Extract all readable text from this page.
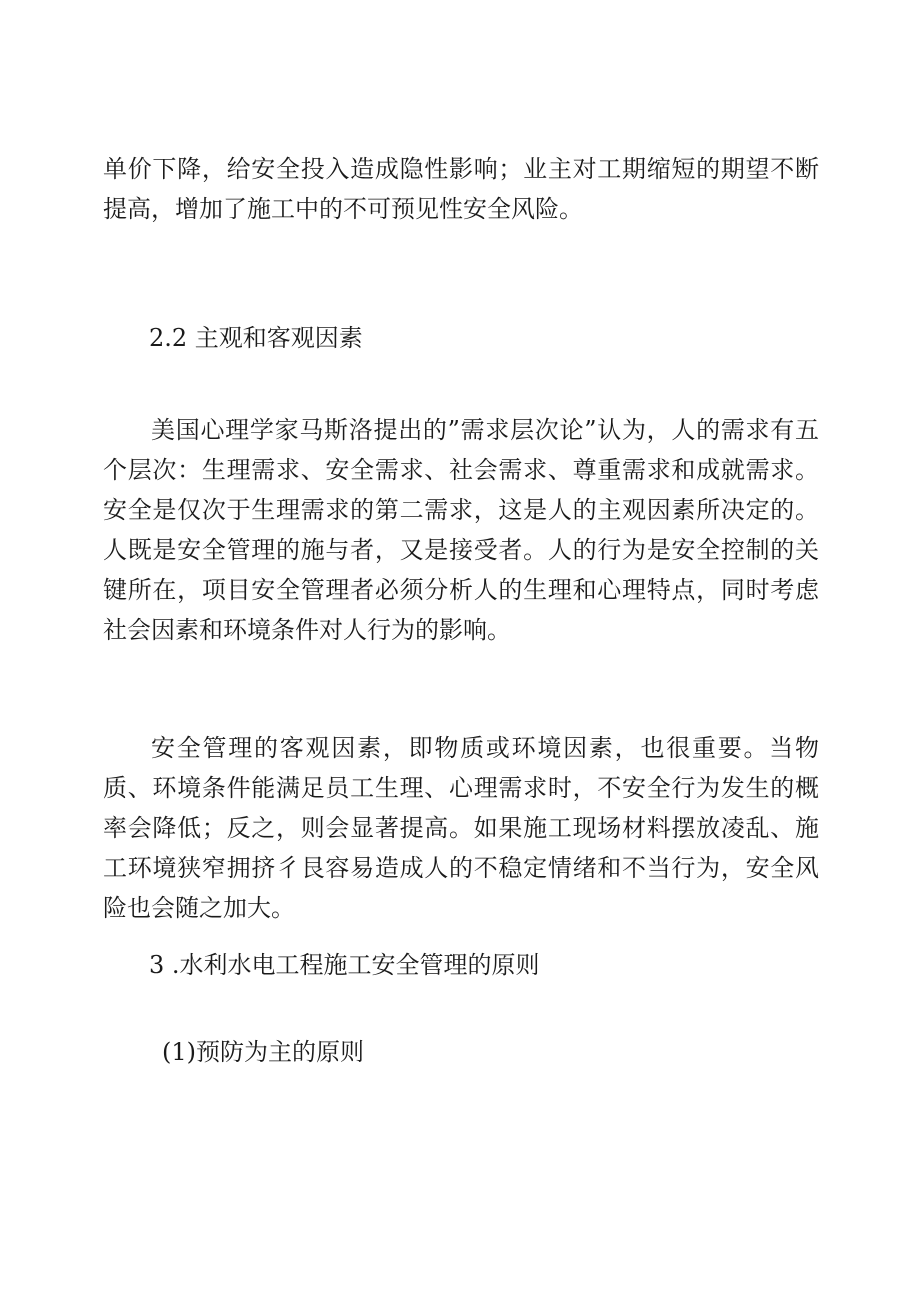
单价下降，给安全投入造成隐性影响；业主对工期缩短的期望不断提高，增加了施工中的不可预见性安全风险。

2.2 主观和客观因素

美国心理学家马斯洛提出的”需求层次论”认为，人的需求有五个层次：生理需求、安全需求、社会需求、尊重需求和成就需求。安全是仅次于生理需求的第二需求，这是人的主观因素所决定的。人既是安全管理的施与者，又是接受者。人的行为是安全控制的关键所在，项目安全管理者必须分析人的生理和心理特点，同时考虑社会因素和环境条件对人行为的影响。

安全管理的客观因素，即物质或环境因素，也很重要。当物质、环境条件能满足员工生理、心理需求时，不安全行为发生的概率会降低；反之，则会显著提高。如果施工现场材料摆放凌乱、施工环境狭窄拥挤彳艮容易造成人的不稳定情绪和不当行为，安全风险也会随之加大。

3 .水利水电工程施工安全管理的原则

(1)预防为主的原则
